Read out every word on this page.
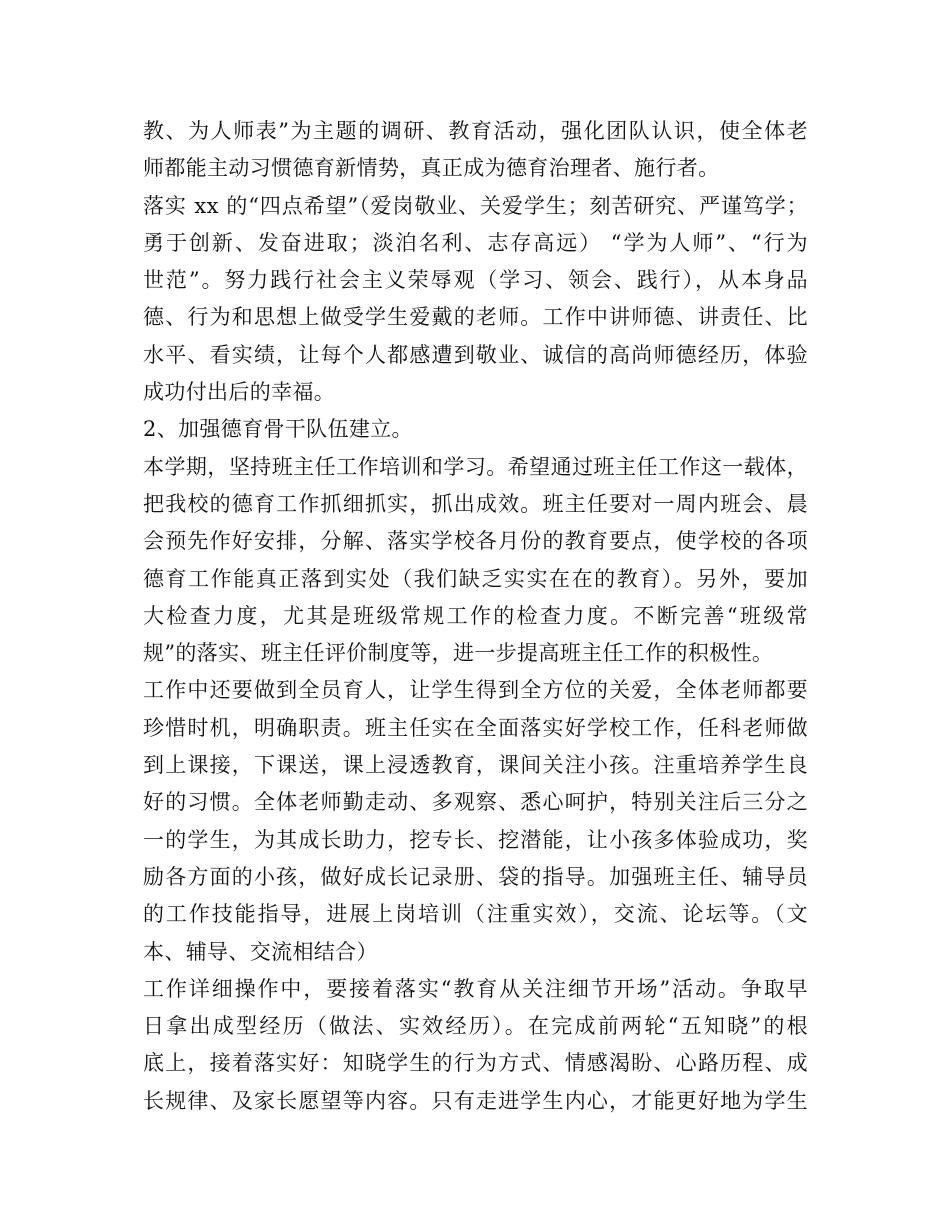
教、为人师表”为主题的调研、教育活动，强化团队认识，使全体老
师都能主动习惯德育新情势，真正成为德育治理者、施行者。
落实 xx 的“四点希望”（爱岗敬业、关爱学生；刻苦研究、严谨笃学；
勇于创新、发奋进取；淡泊名利、志存高远） “学为人师”、“行为
世范”。努力践行社会主义荣辱观（学习、领会、践行），从本身品
德、行为和思想上做受学生爱戴的老师。工作中讲师德、讲责任、比
水平、看实绩，让每个人都感遭到敬业、诚信的高尚师德经历，体验
成功付出后的幸福。
2、加强德育骨干队伍建立。
本学期，坚持班主任工作培训和学习。希望通过班主任工作这一载体，
把我校的德育工作抓细抓实，抓出成效。班主任要对一周内班会、晨
会预先作好安排，分解、落实学校各月份的教育要点，使学校的各项
德育工作能真正落到实处（我们缺乏实实在在的教育）。另外，要加
大检查力度，尤其是班级常规工作的检查力度。不断完善“班级常
规”的落实、班主任评价制度等，进一步提高班主任工作的积极性。
工作中还要做到全员育人，让学生得到全方位的关爱，全体老师都要
珍惜时机，明确职责。班主任实在全面落实好学校工作，任科老师做
到上课接，下课送，课上浸透教育，课间关注小孩。注重培养学生良
好的习惯。全体老师勤走动、多观察、悉心呵护，特别关注后三分之
一的学生，为其成长助力，挖专长、挖潜能，让小孩多体验成功，奖
励各方面的小孩，做好成长记录册、袋的指导。加强班主任、辅导员
的工作技能指导，进展上岗培训（注重实效），交流、论坛等。（文
本、辅导、交流相结合）
工作详细操作中，要接着落实“教育从关注细节开场”活动。争取早
日拿出成型经历（做法、实效经历）。在完成前两轮“五知晓”的根
底上，接着落实好：知晓学生的行为方式、情感渴盼、心路历程、成
长规律、及家长愿望等内容。只有走进学生内心，才能更好地为学生
